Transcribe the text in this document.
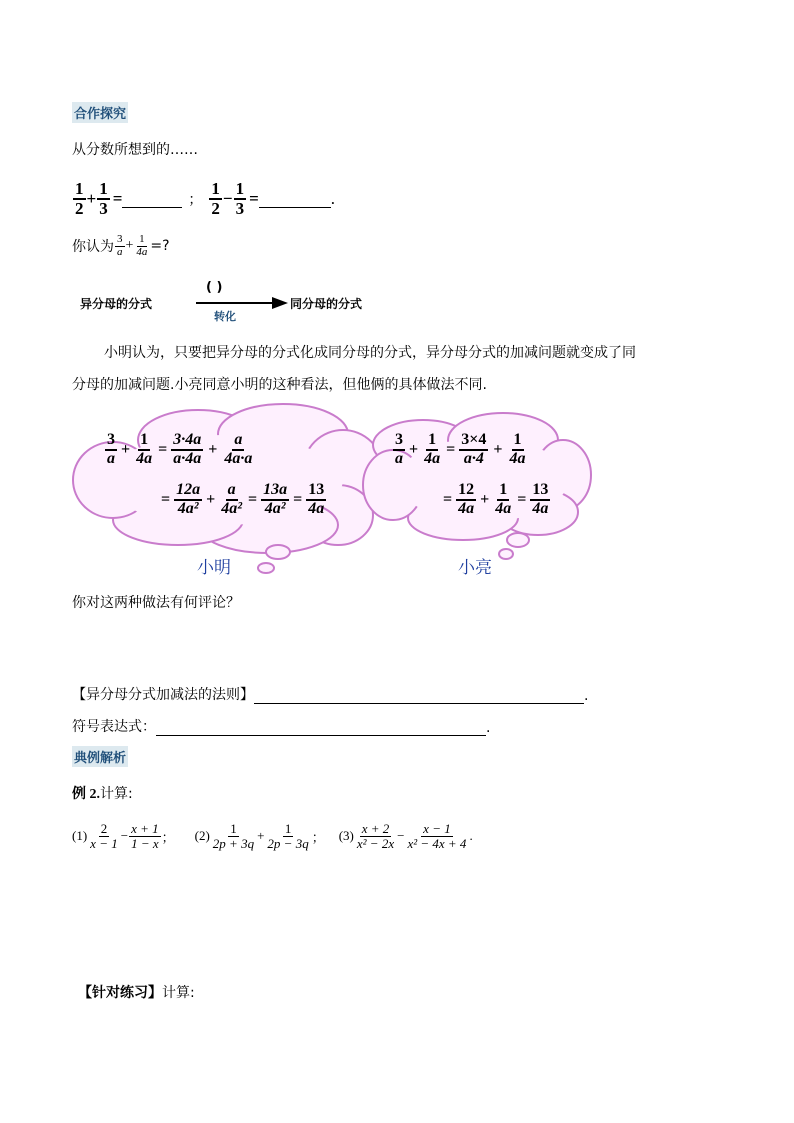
合作探究
从分数所想到的……
$\frac{1}{2} + \frac{1}{3}$ =	； $\frac{1}{2} - \frac{1}{3}$ =	.
你认为 $\frac{3}{a} + \frac{1}{4a}$ =?
异分母的分式
( )
转化
同分母的分式
小明认为，只要把异分母的分式化成同分母的分式，异分母分式的加减问题就变成了同
分母的加减问题.小亮同意小明的这种看法，但他俩的具体做法不同.
$\frac{3}{a} + \frac{1}{4a} = \frac{3\cdot 4a}{a\cdot 4a} + \frac{a}{4a\cdot a}$
= $\frac{12a}{\text{4a²}} + \frac{a}{\text{4a²}} = \frac{13a}{\text{4a²}} = \frac{13}{4a}$
小明
$\frac{3}{a} + \frac{1}{4a} = \frac{3\times 4}{a\cdot 4} + \frac{1}{4a}$
= $\frac{12}{4a} + \frac{1}{4a} = \frac{13}{4a}$
小亮
你对这两种做法有何评论？
【异分母分式加减法的法则】	.
符号表达式：	.
典例解析
例 2.计算:
$(1) \frac{2}{x - 1} - \frac{x + 1}{1 - x}$ ； $(2) \frac{1}{2p + 3q} + \frac{1}{2p - 3q}$ ； $(3) \frac{x + 2}{\text{x² − 2x}} - \frac{x - 1}{\text{x² − 4x + 4}}$ .
【针对练习】计算:
